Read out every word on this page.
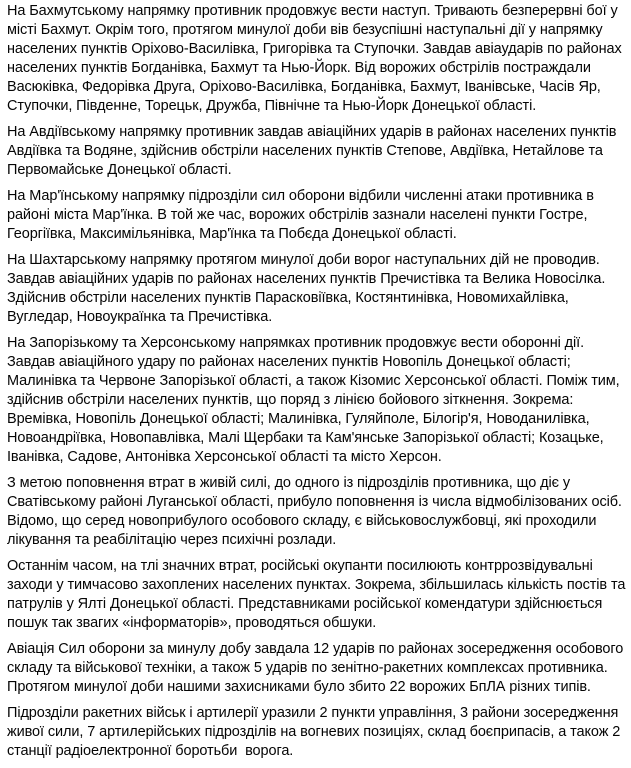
На Бахмутському напрямку противник продовжує вести наступ. Тривають безперервні бої у місті Бахмут. Окрім того, протягом минулої доби вів безуспішні наступальні дії у напрямку населених пунктів Оріхово-Василівка, Григорівка та Ступочки. Завдав авіаударів по районах населених пунктів Богданівка, Бахмут та Нью-Йорк. Від ворожих обстрілів постраждали Васюківка, Федорівка Друга, Оріхово-Василівка, Богданівка, Бахмут, Іванівське, Часів Яр, Ступочки, Південне, Торецьк, Дружба, Північне та Нью-Йорк Донецької області.

На Авдіївському напрямку противник завдав авіаційних ударів в районах населених пунктів Авдіївка та Водяне, здійснив обстріли населених пунктів Степове, Авдіївка, Нетайлове та Первомайське Донецької області.

На Мар'їнському напрямку підрозділи сил оборони відбили численні атаки противника в районі міста Мар'їнка. В той же час, ворожих обстрілів зазнали населені пункти Гостре, Георгіївка, Максимільянівка, Мар'їнка та Побєда Донецької області.

На Шахтарському напрямку протягом минулої доби ворог наступальних дій не проводив. Завдав авіаційних ударів по районах населених пунктів Пречистівка та Велика Новосілка. Здійснив обстріли населених пунктів Парасковіївка, Костянтинівка, Новомихайлівка, Вугледар, Новоукраїнка та Пречистівка.

На Запорізькому та Херсонському напрямках противник продовжує вести оборонні дії. Завдав авіаційного удару по районах населених пунктів Новопіль Донецької області; Малинівка та Червоне Запорізької області, а також Кізомис Херсонської області. Поміж тим, здійснив обстріли населених пунктів, що поряд з лінією бойового зіткнення. Зокрема: Времівка, Новопіль Донецької області; Малинівка, Гуляйполе, Білогір'я, Новоданилівка, Новоандріївка, Новопавлівка, Малі Щербаки та Кам'янське Запорізької області; Козацьке, Іванівка, Садове, Антонівка Херсонської області та місто Херсон.

З метою поповнення втрат в живій силі, до одного із підрозділів противника, що діє у Сватівському районі Луганської області, прибуло поповнення із числа відмобілізованих осіб. Відомо, що серед новоприбулого особового складу, є військовослужбовці, які проходили лікування та реабілітацію через психічні розлади.

Останнім часом, на тлі значних втрат, російські окупанти посилюють контррозвідувальні заходи у тимчасово захоплених населених пунктах. Зокрема, збільшилась кількість постів та патрулів у Ялті Донецької області. Представниками російської комендатури здійснюється пошук так звагих «інформаторів», проводяться обшуки.

Авіація Сил оборони за минулу добу завдала 12 ударів по районах зосередження особового складу та військової техніки, а також 5 ударів по зенітно-ракетних комплексах противника. Протягом минулої доби нашими захисниками було збито 22 ворожих БпЛА різних типів.

Підрозділи ракетних військ і артилерії уразили 2 пункти управління, 3 райони зосередження живої сили, 7 артилерійських підрозділів на вогневих позиціях, склад боєприпасів, а також 2 станції радіоелектронної боротьби  ворога.
